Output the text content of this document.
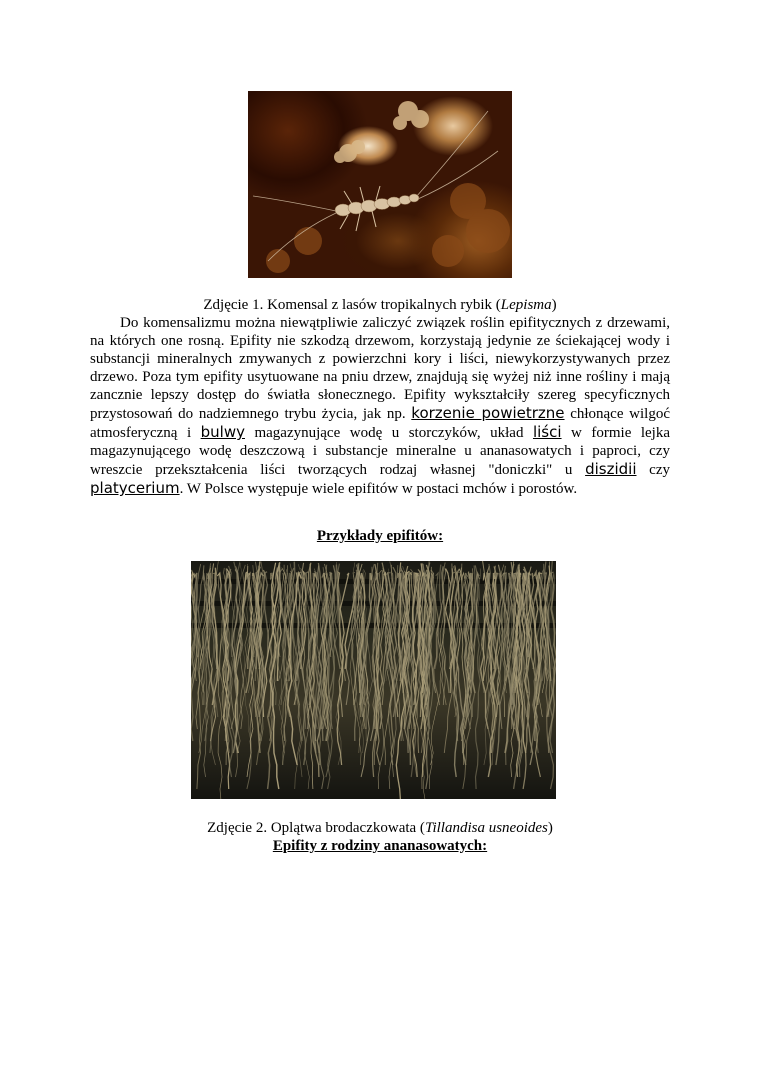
Zdjęcie 1. Komensal z lasów tropikalnych rybik (Lepisma)
Do komensalizmu można niewątpliwie zaliczyć związek roślin epifitycznych z drzewami, na których one rosną. Epifity nie szkodzą drzewom, korzystają jedynie ze ściekającej wody i substancji mineralnych zmywanych z powierzchni kory i liści, niewykorzystywanych przez drzewo. Poza tym epifity usytuowane na pniu drzew, znajdują się wyżej niż inne rośliny i mają zancznie lepszy dostęp do światła słonecznego. Epifity wykształciły szereg specyficznych przystosowań do nadziemnego trybu życia, jak np. korzenie powietrzne chłonące wilgoć atmosferyczną i bulwy magazynujące wodę u storczyków, układ liści w formie lejka magazynującego wodę deszczową i substancje mineralne u ananasowatych i paproci, czy wreszcie przekształcenia liści tworzących rodzaj własnej "doniczki" u diszidii czy platycerium. W Polsce występuje wiele epifitów w postaci mchów i porostów.
Przykłady epifitów:
Zdjęcie 2. Oplątwa brodaczkowata (Tillandisa usneoides)
Epifity z rodziny ananasowatych:
